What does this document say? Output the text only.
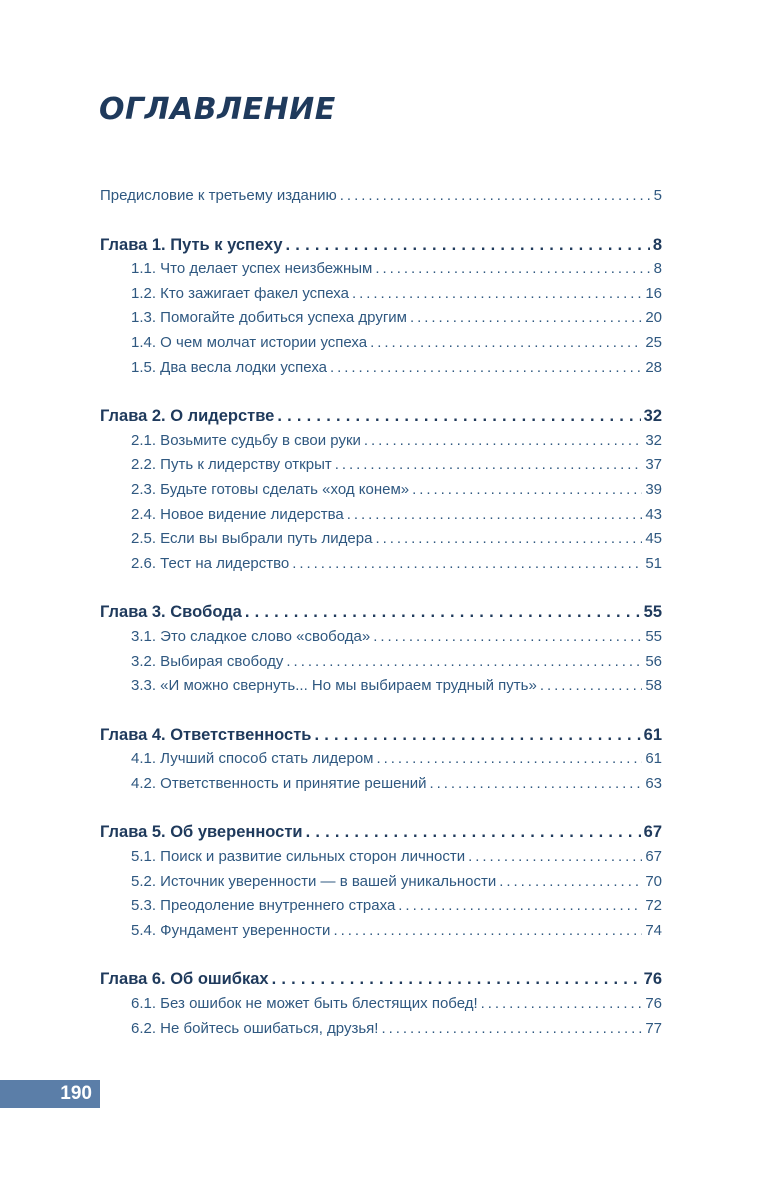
ОГЛАВЛЕНИЕ
Предисловие к третьему изданию . . .	5
Глава 1. Путь к успеху . . .	8
1.1. Что делает успех неизбежным . . .	8
1.2. Кто зажигает факел успеха . . .	16
1.3. Помогайте добиться успеха другим . . .	20
1.4. О чем молчат истории успеха . . .	25
1.5. Два весла лодки успеха . . .	28
Глава 2. О лидерстве . . .	32
2.1. Возьмите судьбу в свои руки . . .	32
2.2. Путь к лидерству открыт . . .	37
2.3. Будьте готовы сделать «ход конем» . . .	39
2.4. Новое видение лидерства . . .	43
2.5. Если вы выбрали путь лидера . . .	45
2.6. Тест на лидерство . . .	51
Глава 3. Свобода . . .	55
3.1. Это сладкое слово «свобода» . . .	55
3.2. Выбирая свободу . . .	56
3.3. «И можно свернуть... Но мы выбираем трудный путь» . . .	58
Глава 4. Ответственность . . .	61
4.1. Лучший способ стать лидером . . .	61
4.2. Ответственность и принятие решений . . .	63
Глава 5. Об уверенности . . .	67
5.1. Поиск и развитие сильных сторон личности . . .	67
5.2. Источник уверенности — в вашей уникальности . . .	70
5.3. Преодоление внутреннего страха . . .	72
5.4. Фундамент уверенности . . .	74
Глава 6. Об ошибках . . .	76
6.1. Без ошибок не может быть блестящих побед! . . .	76
6.2. Не бойтесь ошибаться, друзья! . . .	77
190
